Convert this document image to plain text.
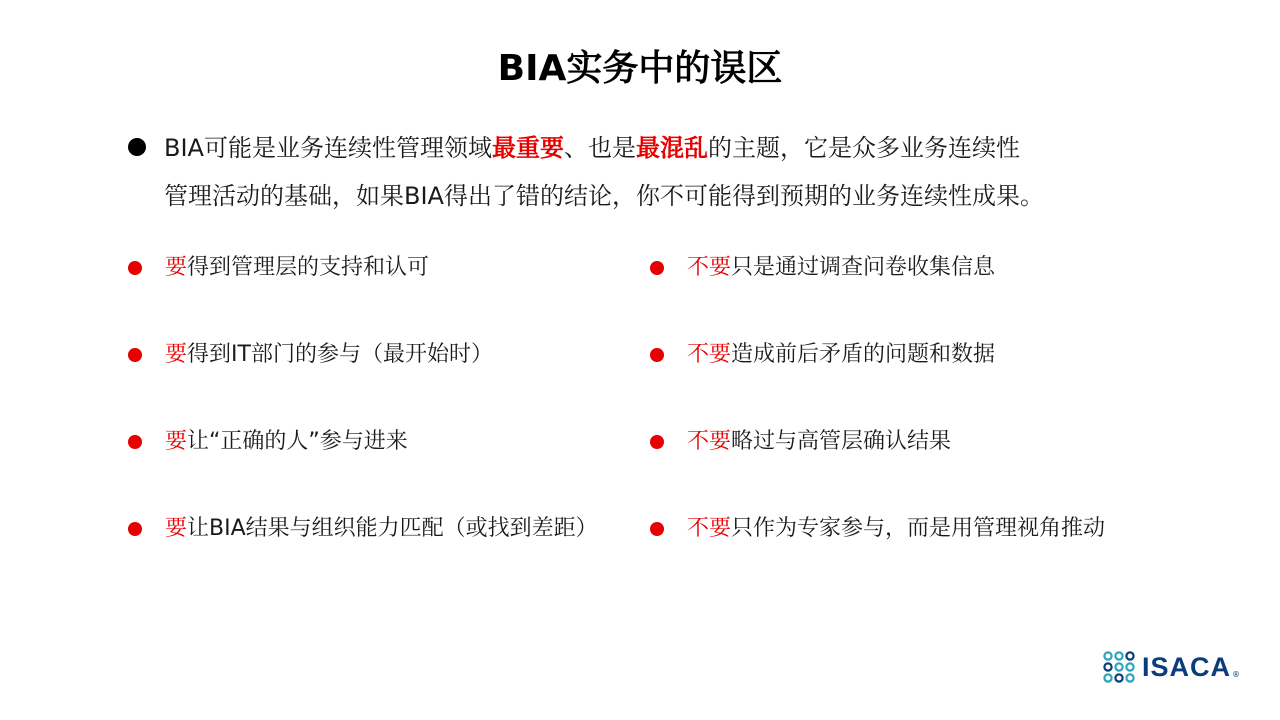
BIA实务中的误区
BIA可能是业务连续性管理领域最重要、也是最混乱的主题，它是众多业务连续性
管理活动的基础，如果BIA得出了错的结论，你不可能得到预期的业务连续性成果。
要得到管理层的支持和认可
要得到IT部门的参与（最开始时）
要让“正确的人”参与进来
要让BIA结果与组织能力匹配（或找到差距）
不要只是通过调查问卷收集信息
不要造成前后矛盾的问题和数据
不要略过与高管层确认结果
不要只作为专家参与，而是用管理视角推动
ISACA ®
